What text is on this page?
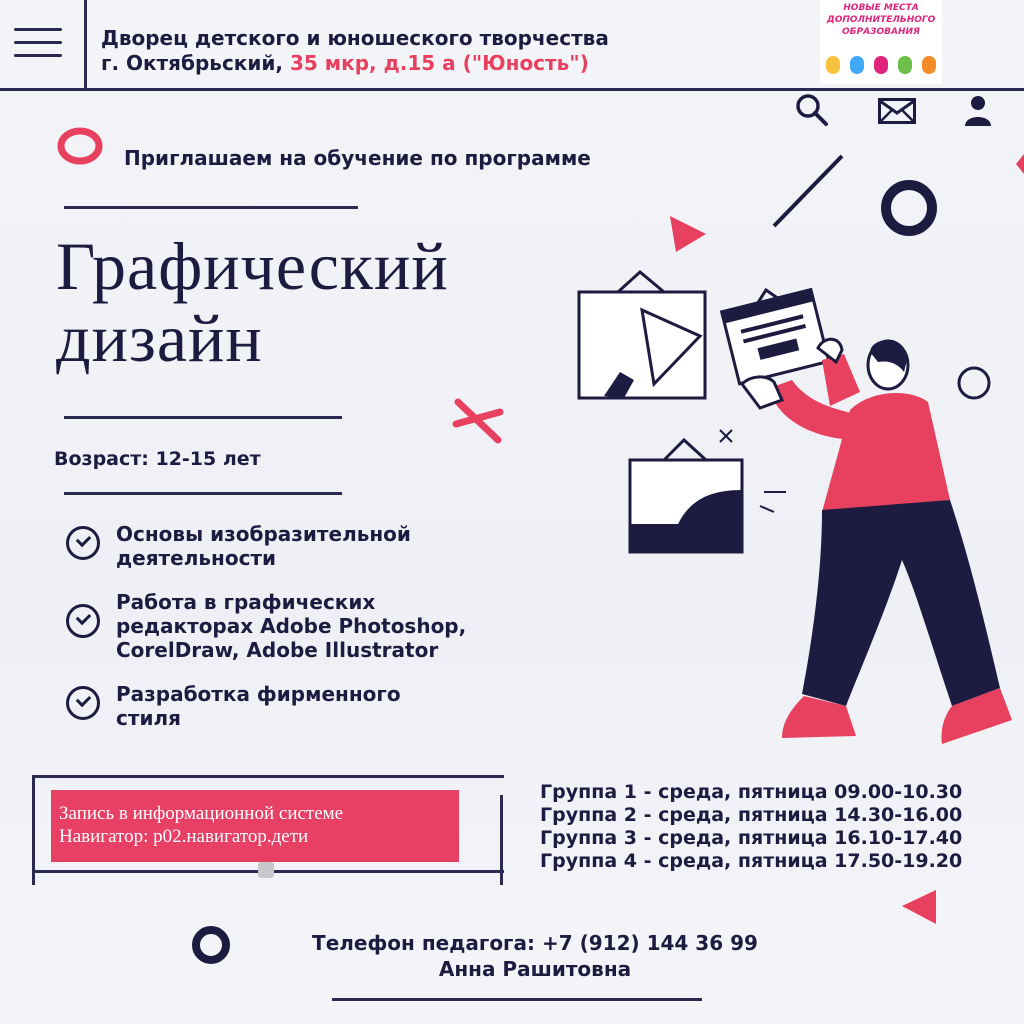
Дворец детского и юношеского творчества
г. Октябрьский, 35 мкр, д.15 а ("Юность")
НОВЫЕ МЕСТА ДОПОЛНИТЕЛЬНОГО ОБРАЗОВАНИЯ
Приглашаем на обучение по программе
Графический
дизайн
Возраст: 12-15 лет
Основы изобразительной
деятельности
Работа в графических
редакторах Adobe Photoshop,
CorelDraw, Adobe Illustrator
Разработка фирменного
стиля
Запись в информационной системе
Навигатор: р02.навигатор.дети
Группа 1 - среда, пятница 09.00-10.30
Группа 2 - среда, пятница 14.30-16.00
Группа 3 - среда, пятница 16.10-17.40
Группа 4 - среда, пятница 17.50-19.20
Телефон педагога: +7 (912) 144 36 99
Анна Рашитовна
